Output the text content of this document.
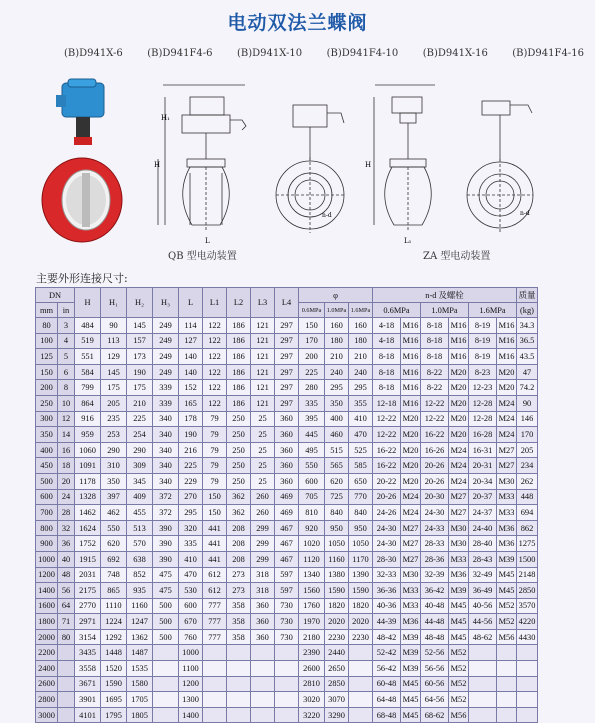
电动双法兰蝶阀
(B)D941X-6 (B)D941F4-6 (B)D941X-10 (B)D941F4-10 (B)D941X-16 (B)D941F4-16
H
H₁
L
n-d
H
L₁
n-d
QB 型电动装置	ZA 型电动装置
主要外形连接尺寸:
DN		H	H₁	H₂	H₃	L	L1	L2	L3	L4	φ			n-d 及螺栓						质量
mm	in										0.6MPa	1.0MPa	1.6MPa	0.6MPa		1.0MPa		1.6MPa		(kg)
80	3	484	90	145	249	114	122	186	121	297	150	160	160	4-18	M16	8-18	M16	8-19	M16	34.3
100	4	519	113	157	249	127	122	186	121	297	170	180	180	4-18	M16	8-18	M16	8-19	M16	36.5
125	5	551	129	173	249	140	122	186	121	297	200	210	210	8-18	M16	8-18	M16	8-19	M16	43.5
150	6	584	145	190	249	140	122	186	121	297	225	240	240	8-18	M16	8-22	M20	8-23	M20	47
200	8	799	175	175	339	152	122	186	121	297	280	295	295	8-18	M16	8-22	M20	12-23	M20	74.2
250	10	864	205	210	339	165	122	186	121	297	335	350	355	12-18	M16	12-22	M20	12-28	M24	90
300	12	916	235	225	340	178	79	250	25	360	395	400	410	12-22	M20	12-22	M20	12-28	M24	146
350	14	959	253	254	340	190	79	250	25	360	445	460	470	12-22	M20	16-22	M20	16-28	M24	170
400	16	1060	290	290	340	216	79	250	25	360	495	515	525	16-22	M20	16-26	M24	16-31	M27	205
450	18	1091	310	309	340	225	79	250	25	360	550	565	585	16-22	M20	20-26	M24	20-31	M27	234
500	20	1178	350	345	340	229	79	250	25	360	600	620	650	20-22	M20	20-26	M24	20-34	M30	262
600	24	1328	397	409	372	270	150	362	260	469	705	725	770	20-26	M24	20-30	M27	20-37	M33	448
700	28	1462	462	455	372	295	150	362	260	469	810	840	840	24-26	M24	24-30	M27	24-37	M33	694
800	32	1624	550	513	390	320	441	208	299	467	920	950	950	24-30	M27	24-33	M30	24-40	M36	862
900	36	1752	620	570	390	335	441	208	299	467	1020	1050	1050	24-30	M27	28-33	M30	28-40	M36	1275
1000	40	1915	692	638	390	410	441	208	299	467	1120	1160	1170	28-30	M27	28-36	M33	28-43	M39	1500
1200	48	2031	748	852	475	470	612	273	318	597	1340	1380	1390	32-33	M30	32-39	M36	32-49	M45	2148
1400	56	2175	865	935	475	530	612	273	318	597	1560	1590	1590	36-36	M33	36-42	M39	36-49	M45	2850
1600	64	2770	1110	1160	500	600	777	358	360	730	1760	1820	1820	40-36	M33	40-48	M45	40-56	M52	3570
1800	71	2971	1224	1247	500	670	777	358	360	730	1970	2020	2020	44-39	M36	44-48	M45	44-56	M52	4220
2000	80	3154	1292	1362	500	760	777	358	360	730	2180	2230	2230	48-42	M39	48-48	M45	48-62	M56	4430
2200		3435	1448	1487		1000					2390	2440		52-42	M39	52-56	M52			
2400		3558	1520	1535		1100					2600	2650		56-42	M39	56-56	M52			
2600		3671	1590	1580		1200					2810	2850		60-48	M45	60-56	M52			
2800		3901	1695	1705		1300					3020	3070		64-48	M45	64-56	M52			
3000		4101	1795	1805		1400					3220	3290		68-48	M45	68-62	M56			
